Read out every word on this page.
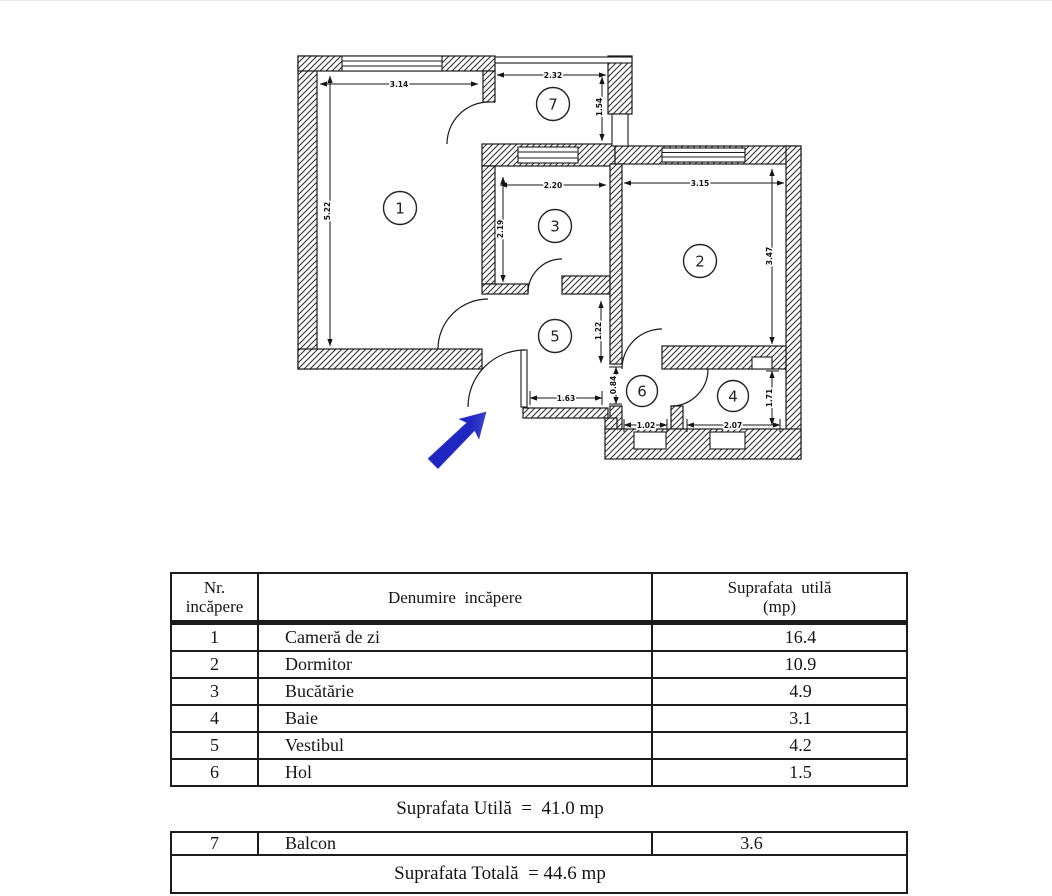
3.14
5.22
2.32
1.54
2.20
2.19
3.15
3.47
1.22
1.63
0.84
1.02	2.07
1.71
1
2
3
4
5
6
7
Nr.
incăpere	Denumire  incăpere	Suprafata  utilă
(mp)
1	Cameră de zi	16.4
2	Dormitor	10.9
3	Bucătărie	4.9
4	Baie	3.1
5	Vestibul	4.2
6	Hol	1.5
Suprafata Utilă  =  41.0 mp
7	Balcon	3.6
Suprafata Totală  = 44.6 mp
